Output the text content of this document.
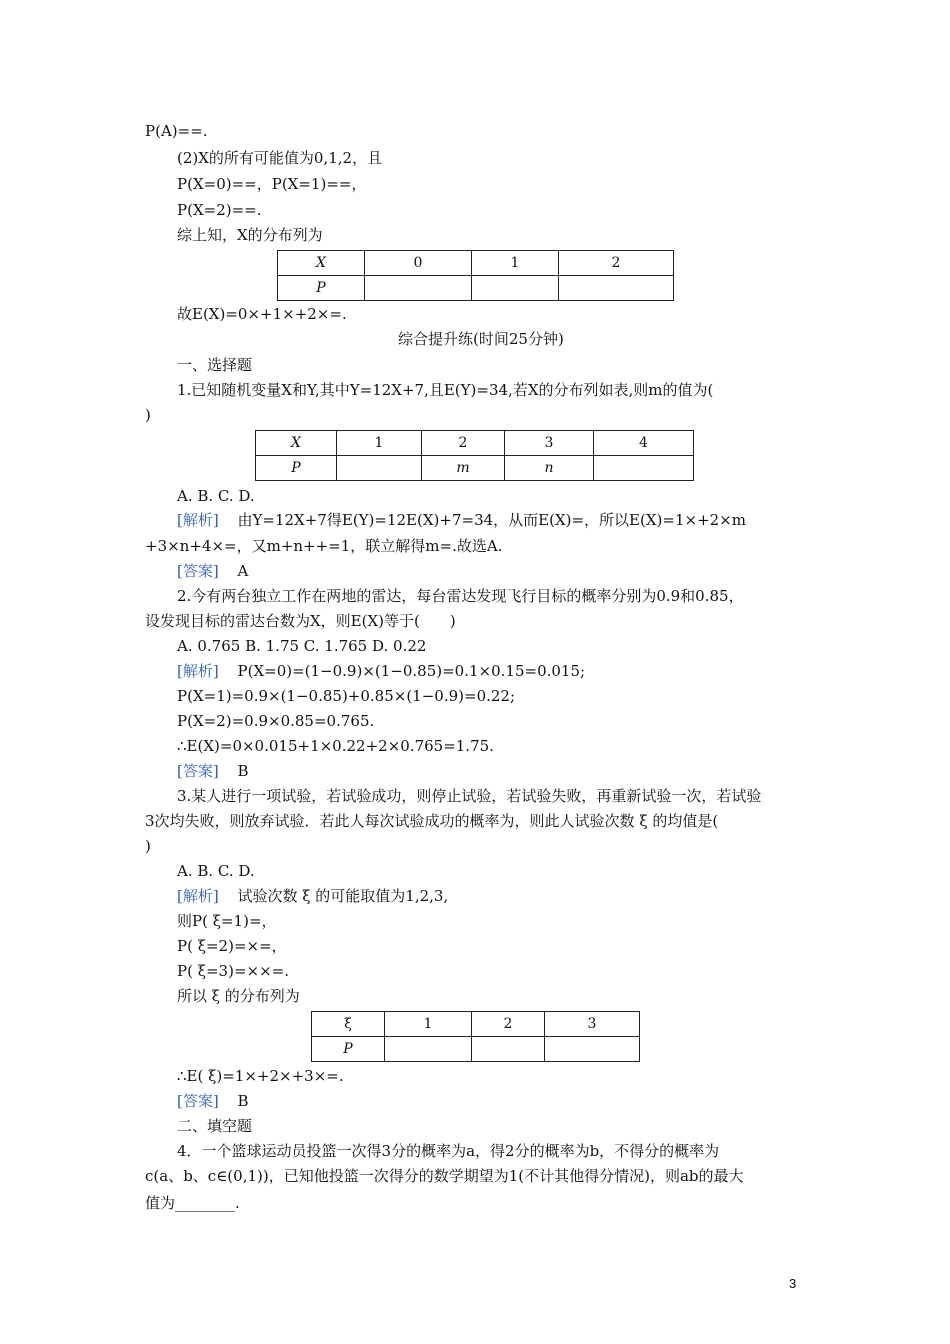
P(A)==.
(2)X的所有可能值为0,1,2，且
P(X=0)==，P(X=1)==，
P(X=2)==.
综上知，X的分布列为
X	0	1	2
P			
故E(X)=0×+1×+2×=.
综合提升练(时间25分钟)
一、选择题
1.已知随机变量X和Y,其中Y=12X+7,且E(Y)=34,若X的分布列如表,则m的值为(
)
X	1	2	3	4
P		m	n	
A. B. C. D.
[解析] 由Y=12X+7得E(Y)=12E(X)+7=34，从而E(X)=，所以E(X)=1×+2×m
+3×n+4×=，又m+n++=1，联立解得m=.故选A.
[答案] A
2.今有两台独立工作在两地的雷达，每台雷达发现飞行目标的概率分别为0.9和0.85，
设发现目标的雷达台数为X，则E(X)等于(　　)
A. 0.765 B. 1.75 C. 1.765 D. 0.22
[解析] P(X=0)=(1−0.9)×(1−0.85)=0.1×0.15=0.015;
P(X=1)=0.9×(1−0.85)+0.85×(1−0.9)=0.22;
P(X=2)=0.9×0.85=0.765.
∴E(X)=0×0.015+1×0.22+2×0.765=1.75.
[答案] B
3.某人进行一项试验，若试验成功，则停止试验，若试验失败，再重新试验一次，若试验
3次均失败，则放弃试验．若此人每次试验成功的概率为，则此人试验次数 ξ 的均值是(
)
A. B. C. D.
[解析] 试验次数 ξ 的可能取值为1,2,3,
则P( ξ=1)=，
P( ξ=2)=×=，
P( ξ=3)=××=.
所以 ξ 的分布列为
ξ	1	2	3
P			
∴E( ξ)=1×+2×+3×=.
[答案] B
二、填空题
4．一个篮球运动员投篮一次得3分的概率为a，得2分的概率为b，不得分的概率为
c(a、b、c∈(0,1))，已知他投篮一次得分的数学期望为1(不计其他得分情况)，则ab的最大
值为________.
3
